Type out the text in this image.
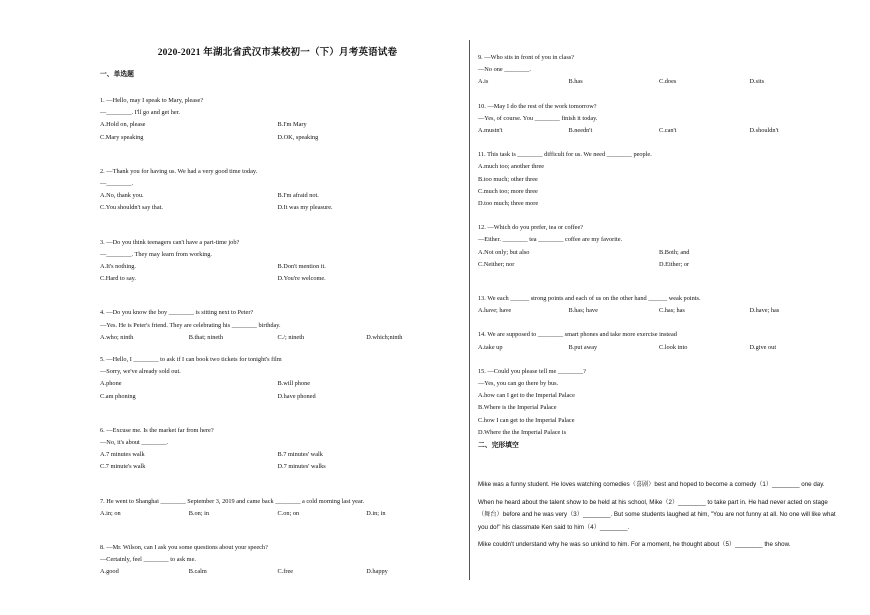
2020-2021 年湖北省武汉市某校初一（下）月考英语试卷
一、单选题
1. —Hello, may I speak to Mary, please?
—________. I'll go and get her.
A.Hold on, please	B.I'm Mary
C.Mary speaking	D.OK, speaking
2. —Thank you for having us. We had a very good time today.
—________.
A.No, thank you.	B.I'm afraid not.
C.You shouldn't say that.	D.It was my pleasure.
3. —Do you think teenagers can't have a part-time job?
—________. They may learn from working.
A.It's nothing.	B.Don't mention it.
C.Hard to say.	D.You're welcome.
4. —Do you know the boy ________ is sitting next to Peter?
—Yes. He is Peter's friend. They are celebrating his ________ birthday.
A.who; ninth	B.that; nineth	C./; nineth	D.which;ninth
5. —Hello, I ________ to ask if I can book two tickets for tonight's film
—Sorry, we've already sold out.
A.phone	B.will phone
C.am phoning	D.have phoned
6. —Excuse me. Is the market far from here?
—No, it's about ________.
A.7 minutes walk	B.7 minutes' walk
C.7 minute's walk	D.7 minutes' walks
7. He went to Shanghai ________ September 3, 2019 and came back ________ a cold morning last year.
A.in; on	B.on; in	C.on; on	D.in; in
8. —Mr. Wilson, can I ask you some questions about your speech?
—Certainly, feel ________ to ask me.
A.good	B.calm	C.free	D.happy
9. —Who sits in front of you in class?
—No one ________.
A.is	B.has	C.does	D.sits
10. —May I do the rest of the work tomorrow?
—Yes, of course. You ________ finish it today.
A.mustn't	B.needn't	C.can't	D.shouldn't
11. This task is ________ difficult for us. We need ________ people.
A.much too; another three
B.too much; other three
C.much too; more three
D.too much; three more
12. —Which do you prefer, tea or coffee?
—Either. ________ tea ________ coffee are my favorite.
A.Not only; but also	B.Both; and
C.Neither; nor	D.Either; or
13. We each ______ strong points and each of us on the other hand ______ weak points.
A.have; have	B.has; have	C.has; has	D.have; has
14. We are supposed to ________ smart phones and take more exercise instead
A.take up	B.put away	C.look into	D.give out
15. —Could you please tell me ________?
—Yes, you can go there by bus.
A.how can I get to the Imperial Palace
B.Where is the Imperial Palace
C.how I can get to the Imperial Palace
D.Where the the Imperial Palace is
二、完形填空
Mike was a funny student. He loves watching comedies（喜剧）best and hoped to become a comedy（1）________ one day.
When he heard about the talent show to be held at his school, Mike（2）________ to take part in. He had never acted on stage（舞台）before and he was very（3）________. But some students laughed at him, "You are not funny at all. No one will like what you do!" his classmate Ken said to him（4）________.
Mike couldn't understand why he was so unkind to him. For a moment, he thought about（5）________ the show.
